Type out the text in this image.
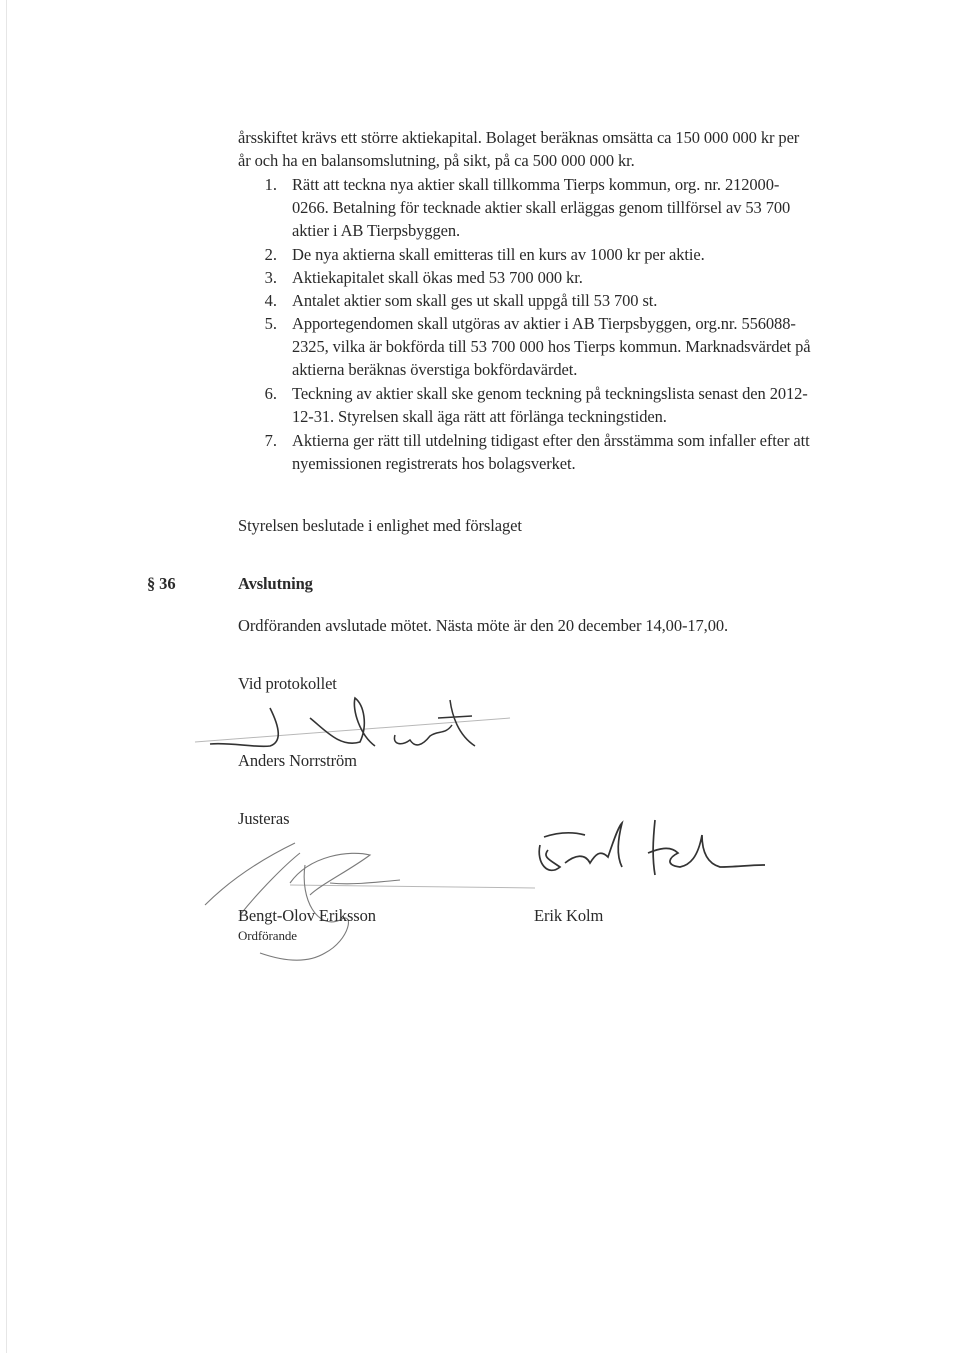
årsskiftet krävs ett större aktiekapital. Bolaget beräknas omsätta ca 150 000 000 kr per
år och ha en balansomslutning, på sikt, på ca 500 000 000 kr.
1. Rätt att teckna nya aktier skall tillkomma Tierps kommun, org. nr. 212000-
0266. Betalning för tecknade aktier skall erläggas genom tillförsel av 53 700
aktier i AB Tierpsbyggen.
2. De nya aktierna skall emitteras till en kurs av 1000 kr per aktie.
3. Aktiekapitalet skall ökas med 53 700 000 kr.
4. Antalet aktier som skall ges ut skall uppgå till 53 700 st.
5. Apportegendomen skall utgöras av aktier i AB Tierpsbyggen, org.nr. 556088-
2325, vilka är bokförda till 53 700 000 hos Tierps kommun. Marknadsvärdet på
aktierna beräknas överstiga bokfördavärdet.
6. Teckning av aktier skall ske genom teckning på teckningslista senast den 2012-
12-31. Styrelsen skall äga rätt att förlänga teckningstiden.
7. Aktierna ger rätt till utdelning tidigast efter den årsstämma som infaller efter att
nyemissionen registrerats hos bolagsverket.
Styrelsen beslutade i enlighet med förslaget
§ 36	Avslutning
Ordföranden avslutade mötet. Nästa möte är den 20 december 14,00-17,00.
Vid protokollet
Anders Norrström
Justeras
Bengt-Olov Eriksson
Ordförande
Erik Kolm
